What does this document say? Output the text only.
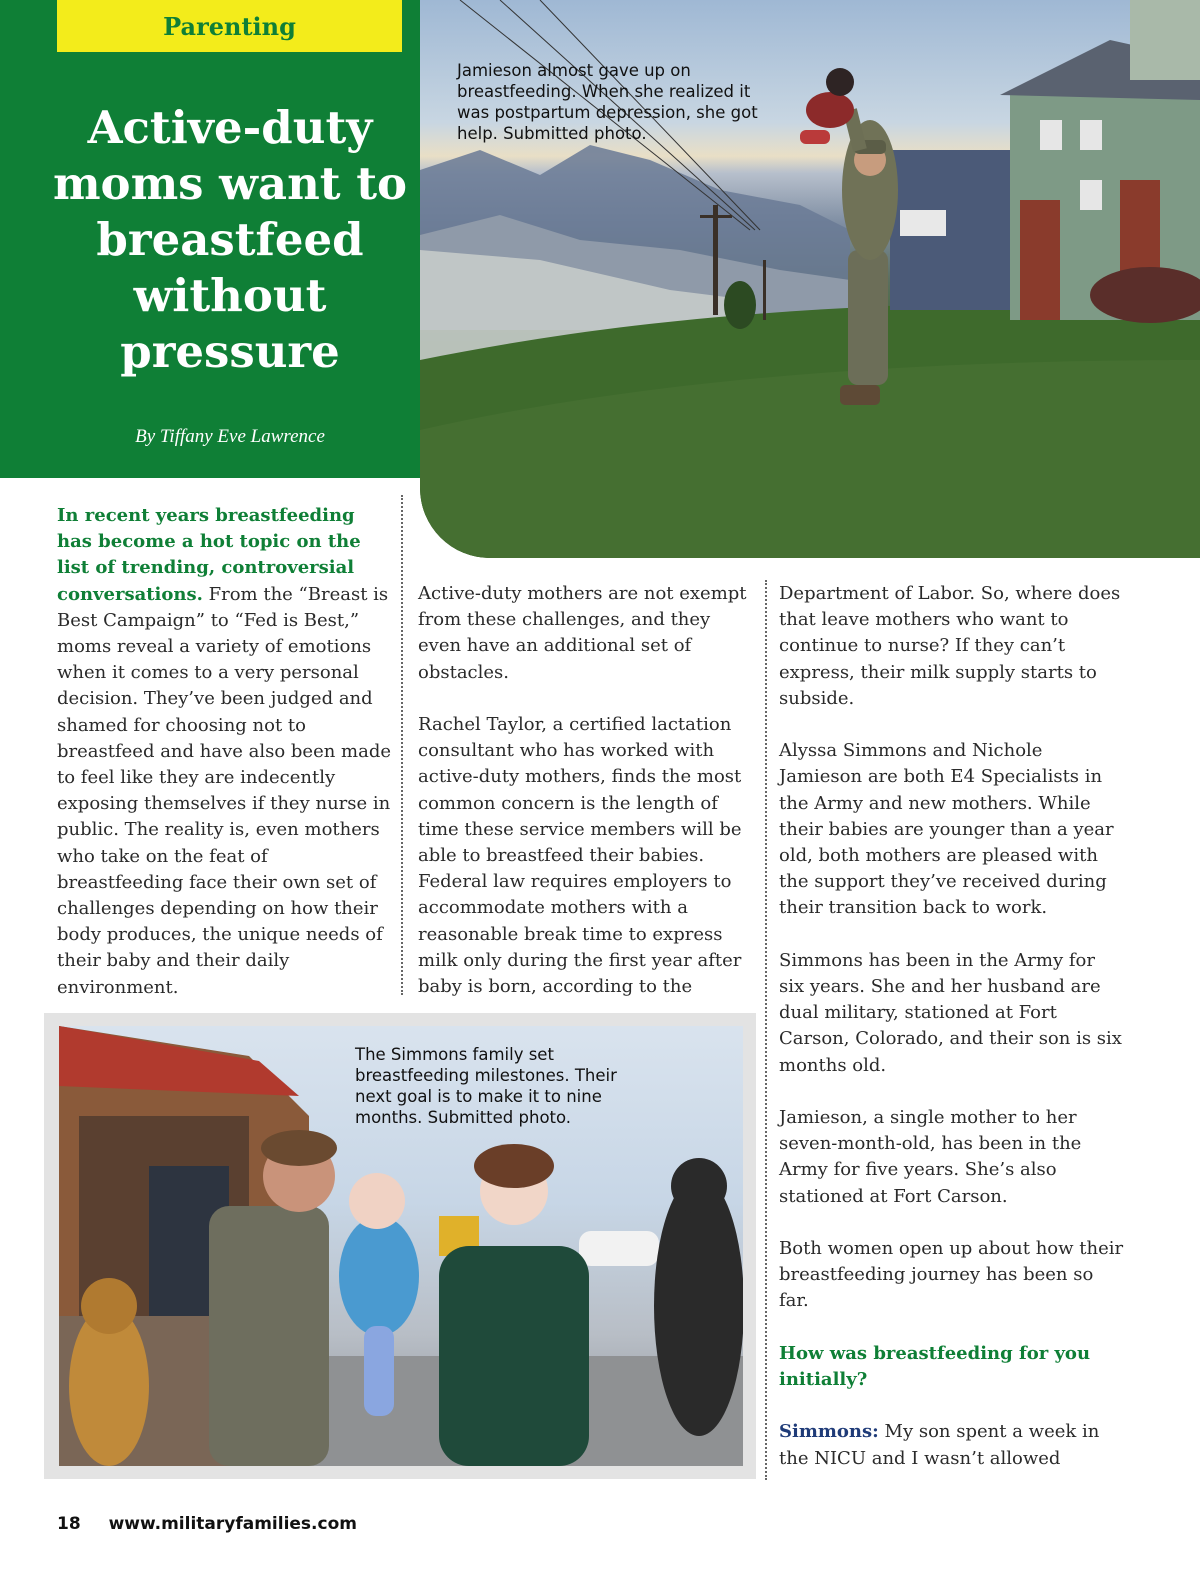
Parenting
Active-duty moms want to breastfeed without pressure
By Tiffany Eve Lawrence
Jamieson almost gave up on breastfeeding. When she realized it was postpartum depression, she got help. Submitted photo.

In recent years breastfeeding has become a hot topic on the list of trending, controversial conversations. From the “Breast is Best Campaign” to “Fed is Best,” moms reveal a variety of emotions when it comes to a very personal decision. They’ve been judged and shamed for choosing not to breastfeed and have also been made to feel like they are indecently exposing themselves if they nurse in public. The reality is, even mothers who take on the feat of breastfeeding face their own set of challenges depending on how their body produces, the unique needs of their baby and their daily environment.

Active-duty mothers are not exempt from these challenges, and they even have an additional set of obstacles.

Rachel Taylor, a certified lactation consultant who has worked with active-duty mothers, finds the most common concern is the length of time these service members will be able to breastfeed their babies. Federal law requires employers to accommodate mothers with a reasonable break time to express milk only during the first year after baby is born, according to the

Department of Labor. So, where does that leave mothers who want to continue to nurse? If they can’t express, their milk supply starts to subside.

Alyssa Simmons and Nichole Jamieson are both E4 Specialists in the Army and new mothers. While their babies are younger than a year old, both mothers are pleased with the support they’ve received during their transition back to work.

Simmons has been in the Army for six years. She and her husband are dual military, stationed at Fort Carson, Colorado, and their son is six months old.

Jamieson, a single mother to her seven-month-old, has been in the Army for five years. She’s also stationed at Fort Carson.

Both women open up about how their breastfeeding journey has been so far.

How was breastfeeding for you initially?

Simmons: My son spent a week in the NICU and I wasn’t allowed

The Simmons family set breastfeeding milestones. Their next goal is to make it to nine months. Submitted photo.
18 www.militaryfamilies.com
